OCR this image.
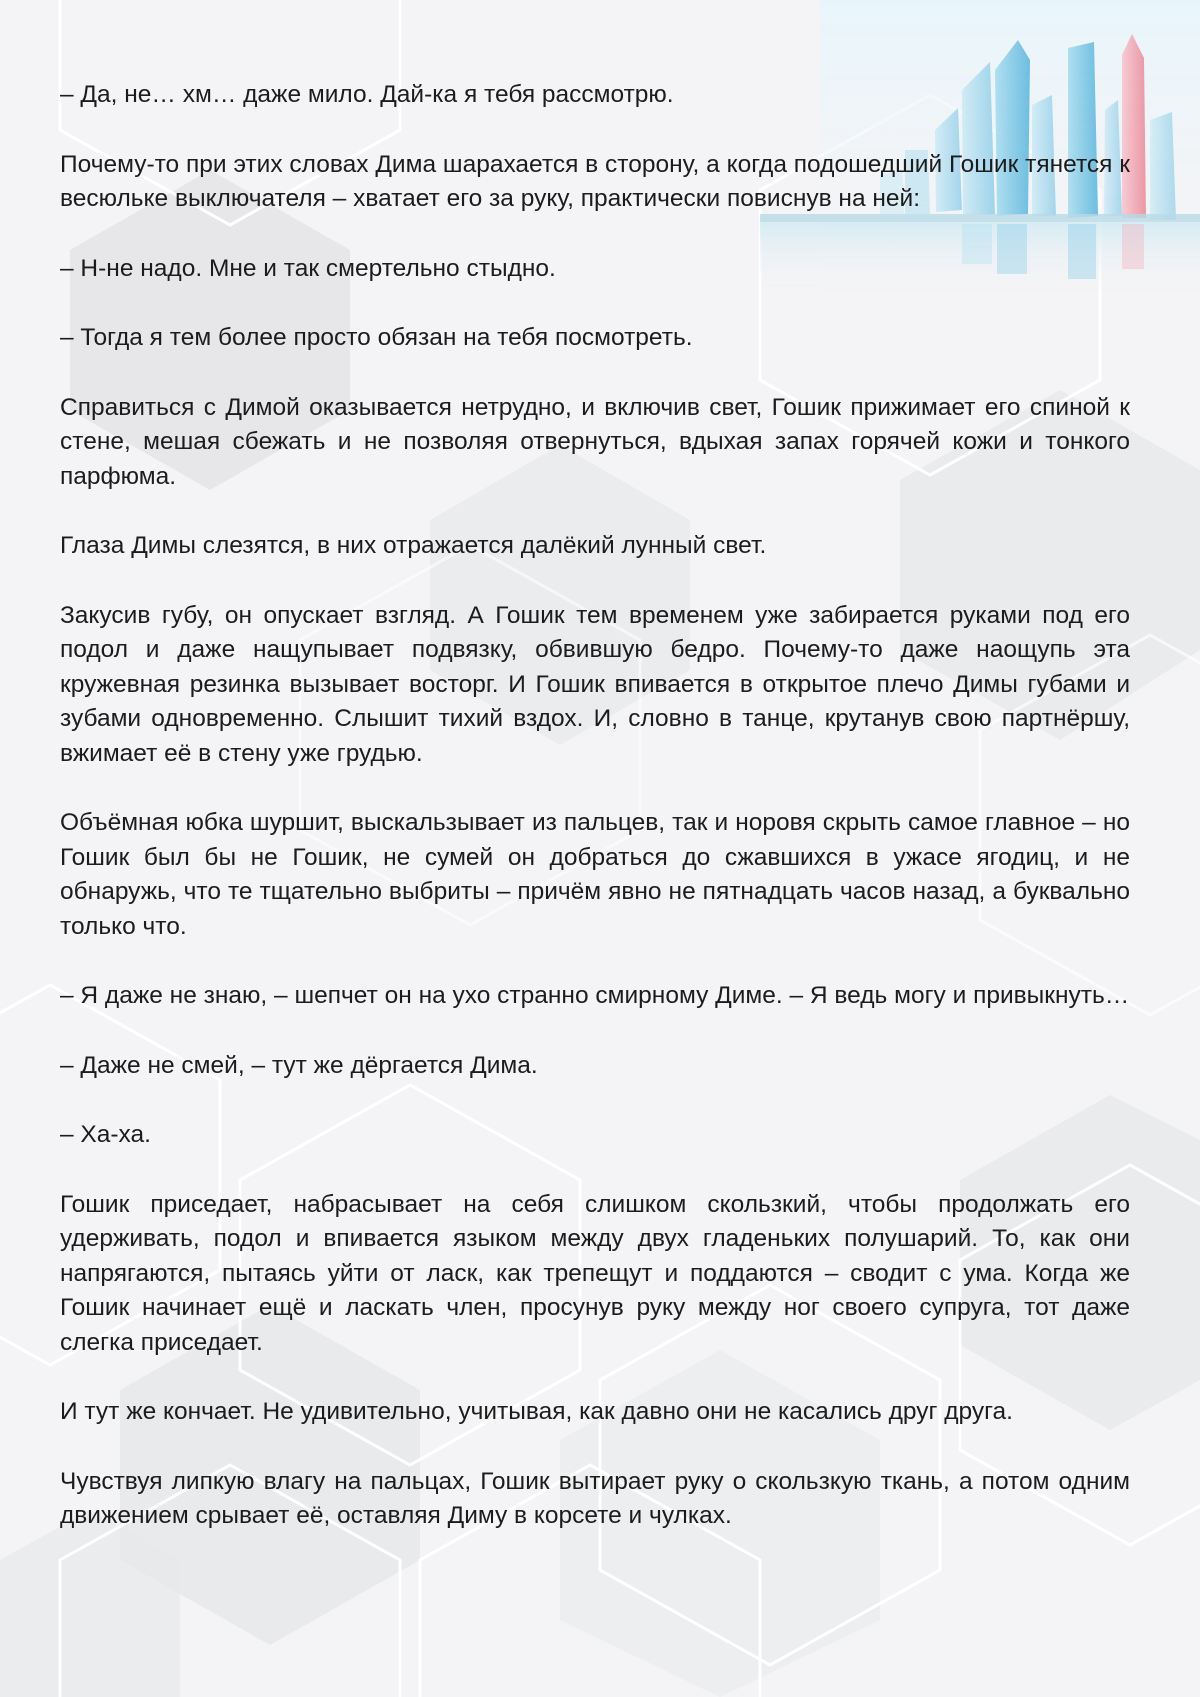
– Да, не… хм… даже мило. Дай-ка я тебя рассмотрю.

Почему-то при этих словах Дима шарахается в сторону, а когда подошедший Гошик тянется к весюльке выключателя – хватает его за руку, практически повиснув на ней:

– Н-не надо. Мне и так смертельно стыдно.

– Тогда я тем более просто обязан на тебя посмотреть.

Справиться с Димой оказывается нетрудно, и включив свет, Гошик прижимает его спиной к стене, мешая сбежать и не позволяя отвернуться, вдыхая запах горячей кожи и тонкого парфюма.

Глаза Димы слезятся, в них отражается далёкий лунный свет.

Закусив губу, он опускает взгляд. А Гошик тем временем уже забирается руками под его подол и даже нащупывает подвязку, обвившую бедро. Почему-то даже наощупь эта кружевная резинка вызывает восторг. И Гошик впивается в открытое плечо Димы губами и зубами одновременно. Слышит тихий вздох. И, словно в танце, крутанув свою партнёршу, вжимает её в стену уже грудью.

Объёмная юбка шуршит, выскальзывает из пальцев, так и норовя скрыть самое главное – но Гошик был бы не Гошик, не сумей он добраться до сжавшихся в ужасе ягодиц, и не обнаружь, что те тщательно выбриты – причём явно не пятнадцать часов назад, а буквально только что.

– Я даже не знаю, – шепчет он на ухо странно смирному Диме. – Я ведь могу и привыкнуть…

– Даже не смей, – тут же дёргается Дима.

– Ха-ха.

Гошик приседает, набрасывает на себя слишком скользкий, чтобы продолжать его удерживать, подол и впивается языком между двух гладеньких полушарий. То, как они напрягаются, пытаясь уйти от ласк, как трепещут и поддаются – сводит с ума. Когда же Гошик начинает ещё и ласкать член, просунув руку между ног своего супруга, тот даже слегка приседает.

И тут же кончает. Не удивительно, учитывая, как давно они не касались друг друга.

Чувствуя липкую влагу на пальцах, Гошик вытирает руку о скользкую ткань, а потом одним движением срывает её, оставляя Диму в корсете и чулках.
